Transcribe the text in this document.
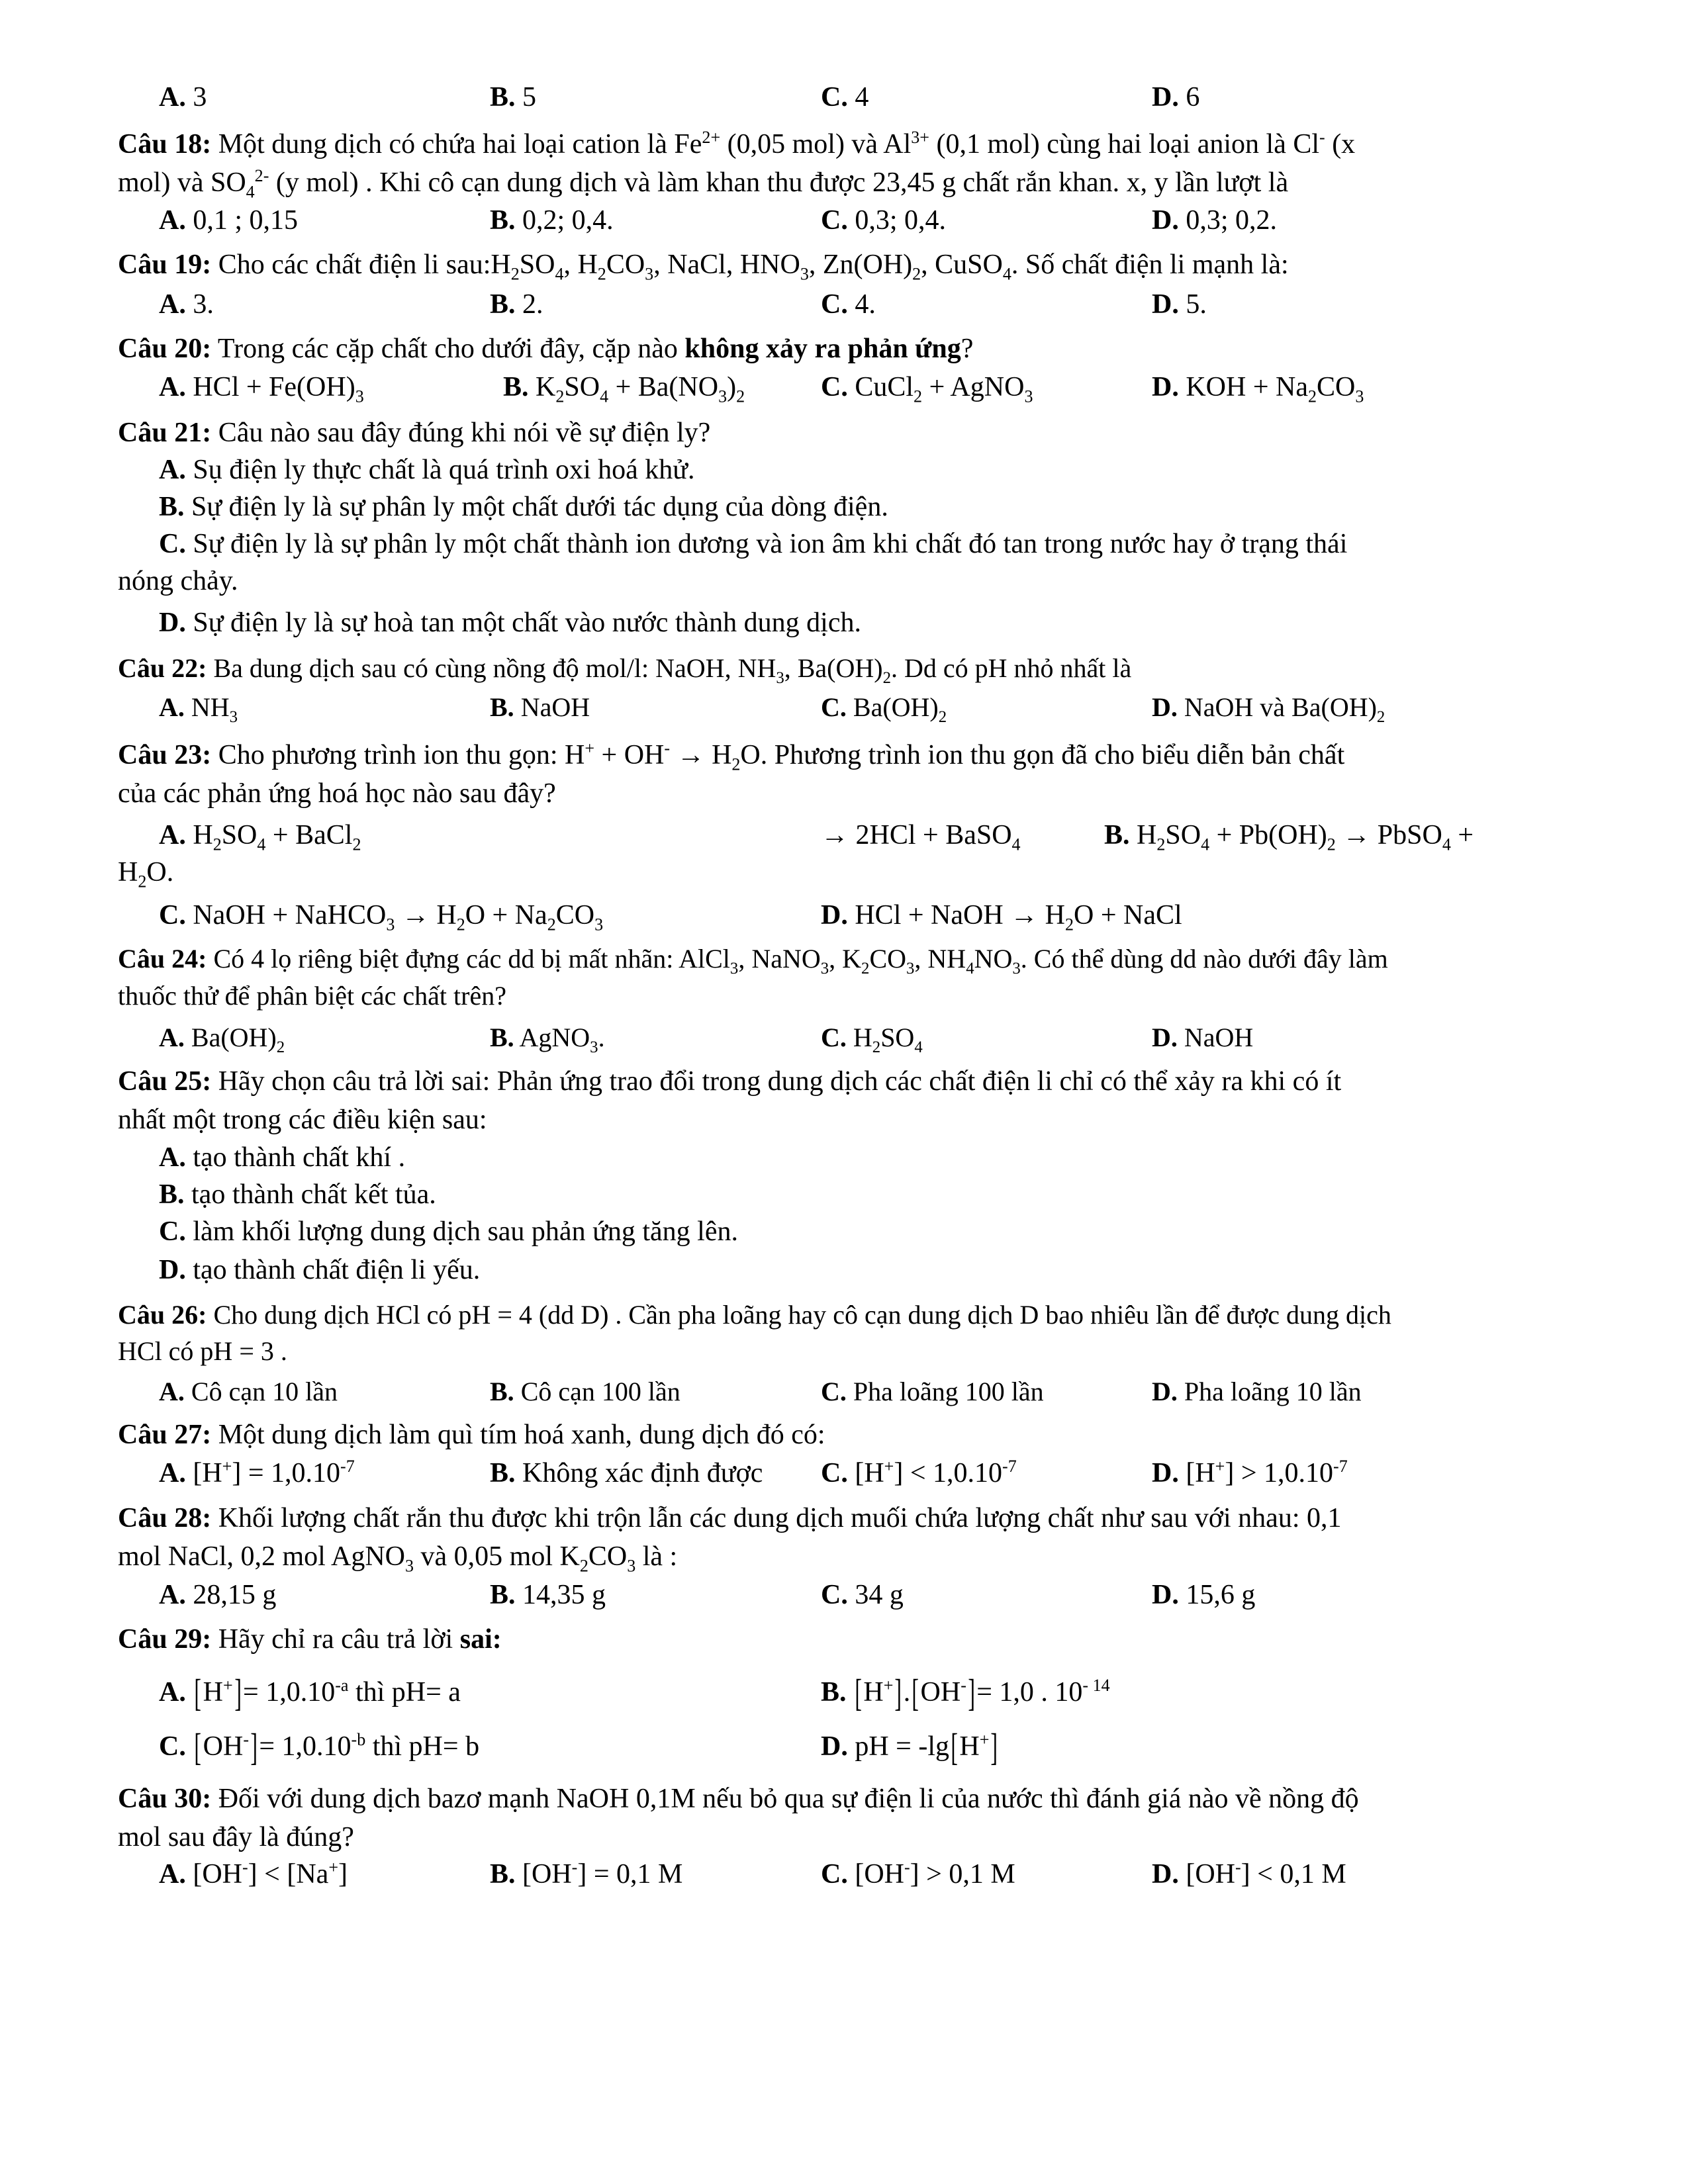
A. 3	B. 5	C. 4	D. 6
Câu 18: Một dung dịch có chứa hai loại cation là $Fe^{2+}$ (0,05 mol) và $Al^{3+}$ (0,1 mol) cùng hai loại anion là Cl- (x
mol) và $SO_4^{2-}$ (y mol) . Khi cô cạn dung dịch và làm khan thu được 23,45 g chất rắn khan. x, y lần lượt là
A. 0,1 ; 0,15	B. 0,2; 0,4.	C. 0,3; 0,4.	D. 0,3; 0,2.
Câu 19: Cho các chất điện li $sau:H_2SO_4$, $H_2CO_3$, NaCl, $HNO_3$, $Zn(OH)_2$, CuSO$_4$. Số chất điện li mạnh là:
A. 3.	B. 2.	C. 4.	D. 5.
Câu 20: Trong các cặp chất cho dưới đây, cặp nào không xảy ra phản ứng?
A. HCl + $Fe(OH)_3$	B. $K_2SO_4 + Ba(NO_3)_2$	C. CuCl$_2$ + AgNO$_3$	D. KOH + $Na_2CO_3$
Câu 21: Câu nào sau đây đúng khi nói về sự điện ly?
A. Sụ điện ly thực chất là quá trình oxi hoá khử.
B. Sự điện ly là sự phân ly một chất dưới tác dụng của dòng điện.
C. Sự điện ly là sự phân ly một chất thành ion dương và ion âm khi chất đó tan trong nước hay ở trạng thái
nóng chảy.
D. Sự điện ly là sự hoà tan một chất vào nước thành dung dịch.
Câu 22: Ba dung dịch sau có cùng nồng độ mol/l: NaOH, $NH_3$, $Ba(OH)_2$. Dd có pH nhỏ nhất là
A. $NH_3$	B. NaOH	C. $Ba(OH)_2$	D. NaOH và $Ba(OH)_2$
Câu 23: Cho phương trình ion thu gọn: $H^+ + OH^- \to H_2O$. Phương trình ion thu gọn đã cho biểu diễn bản chất
của các phản ứng hoá học nào sau đây?
A. $H_2SO_4$ + BaCl$_2$	→ 2HCl + BaSO$_4$	B. $H_2SO_4 + Pb(OH)_2$ → PbSO$_4$ +
$H_2O$.
C. NaOH + NaHCO$_3$ → $H_2O + Na_2CO_3$	D. HCl + NaOH → $H_2O$ + NaCl
Câu 24: Có 4 lọ riêng biệt đựng các dd bị mất nhãn: AlCl$_3$, NaNO$_3$, $K_2CO_3$, $NH_4NO_3$. Có thể dùng dd nào dưới đây làm
thuốc thử để phân biệt các chất trên?
A. $Ba(OH)_2$	B. AgNO$_3$.	C. $H_2SO_4$	D. NaOH
Câu 25: Hãy chọn câu trả lời sai: Phản ứng trao đổi trong dung dịch các chất điện li chỉ có thể xảy ra khi có ít
nhất một trong các điều kiện sau:
A. tạo thành chất khí .
B. tạo thành chất kết tủa.
C. làm khối lượng dung dịch sau phản ứng tăng lên.
D. tạo thành chất điện li yếu.
Câu 26: Cho dung dịch HCl có pH = 4 (dd D) . Cần pha loãng hay cô cạn dung dịch D bao nhiêu lần để được dung dịch
HCl có pH = 3 .
A. Cô cạn 10 lần	B. Cô cạn 100 lần	C. Pha loãng 100 lần	D. Pha loãng 10 lần
Câu 27: Một dung dịch làm quì tím hoá xanh, dung dịch đó có:
A. $[H^+] = 1,0.10^{-7}$	B. Không xác định được C. $[H^+] < 1,0.10^{-7}$	D. $[H^+] > 1,0.10^{-7}$
Câu 28: Khối lượng chất rắn thu được khi trộn lẫn các dung dịch muối chứa lượng chất như sau với nhau: 0,1
mol NaCl, 0,2 mol AgNO$_3$ và 0,05 mol $K_2CO_3$ là :
A. 28,15 g	B. 14,35 g	C. 34 g	D. 15,6 g
Câu 29: Hãy chỉ ra câu trả lời sai:
A. $[H^+]= 1,0.10^{-a}$ thì pH= a	B. [H+].[OH-]= 1,0 . $10^{- 14}$
C. $[OH^-]= 1,0.10^{-b}$ thì pH= b	D. pH = -lg[H+]
Câu 30: Đối với dung dịch bazơ mạnh NaOH 0,1M nếu bỏ qua sự điện li của nước thì đánh giá nào về nồng độ
mol sau đây là đúng?
A. [OH-] < [Na+]	B. [OH-] = 0,1 M	C. [OH-] > 0,1 M	D. [OH-] < 0,1 M
